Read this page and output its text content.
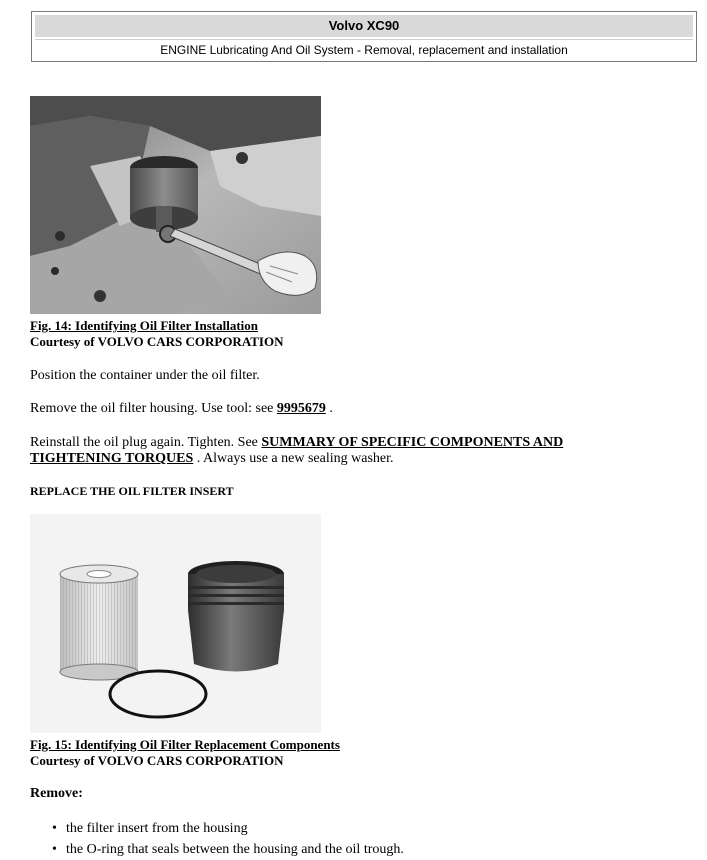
Volvo XC90
ENGINE Lubricating And Oil System - Removal, replacement and installation
Fig. 14: Identifying Oil Filter Installation
Courtesy of VOLVO CARS CORPORATION
Position the container under the oil filter.
Remove the oil filter housing. Use tool: see 9995679 .
Reinstall the oil plug again. Tighten. See SUMMARY OF SPECIFIC COMPONENTS AND TIGHTENING TORQUES . Always use a new sealing washer.
REPLACE THE OIL FILTER INSERT
Fig. 15: Identifying Oil Filter Replacement Components
Courtesy of VOLVO CARS CORPORATION
Remove:
• the filter insert from the housing
• the O-ring that seals between the housing and the oil trough.
